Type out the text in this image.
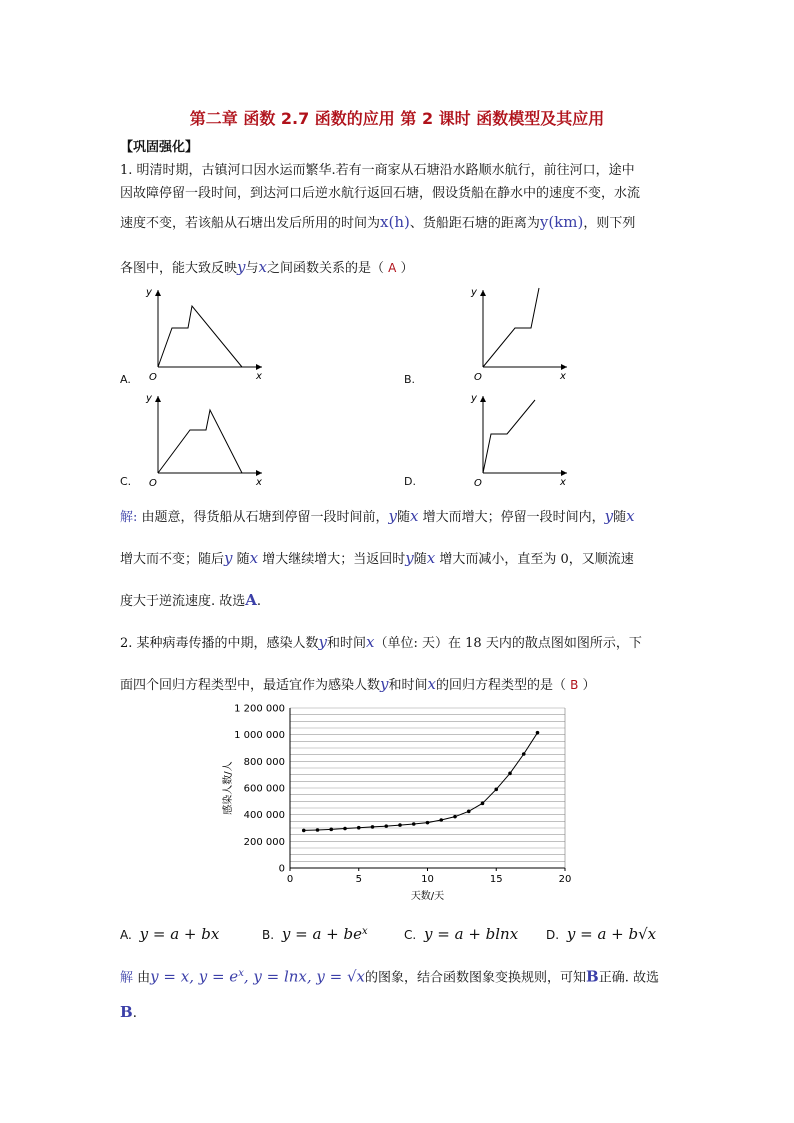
第二章 函数 2.7 函数的应用 第 2 课时 函数模型及其应用
【巩固强化】
1. 明清时期，古镇河口因水运而繁华.若有一商家从石塘沿水路顺水航行，前往河口，途中
因故障停留一段时间，到达河口后逆水航行返回石塘，假设货船在静水中的速度不变，水流
速度不变，若该船从石塘出发后所用的时间为x(h)、货船距石塘的距离为y(km)，则下列
各图中，能大致反映y与x之间函数关系的是（ A ）
A.	B.
C.	D.
y
x
O
y
x
O
y
x
O
y
x
O
解: 由题意，得货船从石塘到停留一段时间前，y随x 增大而增大；停留一段时间内，y随x
增大而不变；随后y 随x 增大继续增大；当返回时y随x 增大而减小，直至为 0，又顺流速
度大于逆流速度. 故选A.
2. 某种病毒传播的中期，感染人数y和时间x（单位: 天）在 18 天内的散点图如图所示，下
面四个回归方程类型中，最适宜作为感染人数y和时间x的回归方程类型的是（ B ）
0
200 000
400 000
600 000
800 000
1 000 000
1 200 000
0	5	10	15	20
天数/天
感染人数/人
A. y = a + bx	B. $y = a + be^x$	C. y = a + blnx D. y = a + b√x
解 由y = x, $y = e^x$, y = lnx, y = √x的图象，结合函数图象变换规则，可知B正确. 故选
B.
